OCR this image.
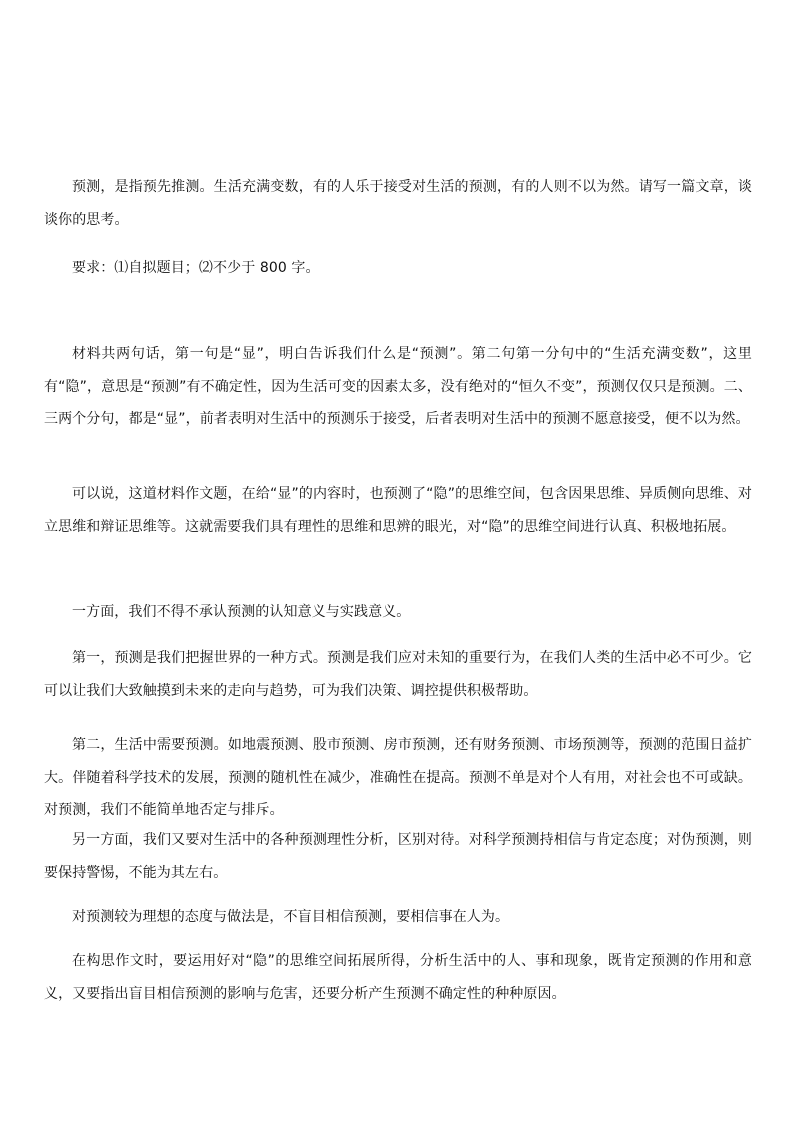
预测，是指预先推测。生活充满变数，有的人乐于接受对生活的预测，有的人则不以为然。请写一篇文章，谈谈你的思考。

要求：⑴自拟题目；⑵不少于 800 字。

材料共两句话，第一句是“显”，明白告诉我们什么是“预测”。第二句第一分句中的“生活充满变数”，这里有“隐”，意思是“预测”有不确定性，因为生活可变的因素太多，没有绝对的“恒久不变”，预测仅仅只是预测。二、三两个分句，都是“显”，前者表明对生活中的预测乐于接受，后者表明对生活中的预测不愿意接受，便不以为然。

可以说，这道材料作文题，在给“显”的内容时，也预测了“隐”的思维空间，包含因果思维、异质侧向思维、对立思维和辩证思维等。这就需要我们具有理性的思维和思辨的眼光，对“隐”的思维空间进行认真、积极地拓展。

一方面，我们不得不承认预测的认知意义与实践意义。

第一，预测是我们把握世界的一种方式。预测是我们应对未知的重要行为，在我们人类的生活中必不可少。它可以让我们大致触摸到未来的走向与趋势，可为我们决策、调控提供积极帮助。

第二，生活中需要预测。如地震预测、股市预测、房市预测，还有财务预测、市场预测等，预测的范围日益扩大。伴随着科学技术的发展，预测的随机性在减少，准确性在提高。预测不单是对个人有用，对社会也不可或缺。对预测，我们不能简单地否定与排斥。

另一方面，我们又要对生活中的各种预测理性分析，区别对待。对科学预测持相信与肯定态度；对伪预测，则要保持警惕，不能为其左右。

对预测较为理想的态度与做法是，不盲目相信预测，要相信事在人为。

在构思作文时，要运用好对“隐”的思维空间拓展所得，分析生活中的人、事和现象，既肯定预测的作用和意义，又要指出盲目相信预测的影响与危害，还要分析产生预测不确定性的种种原因。
